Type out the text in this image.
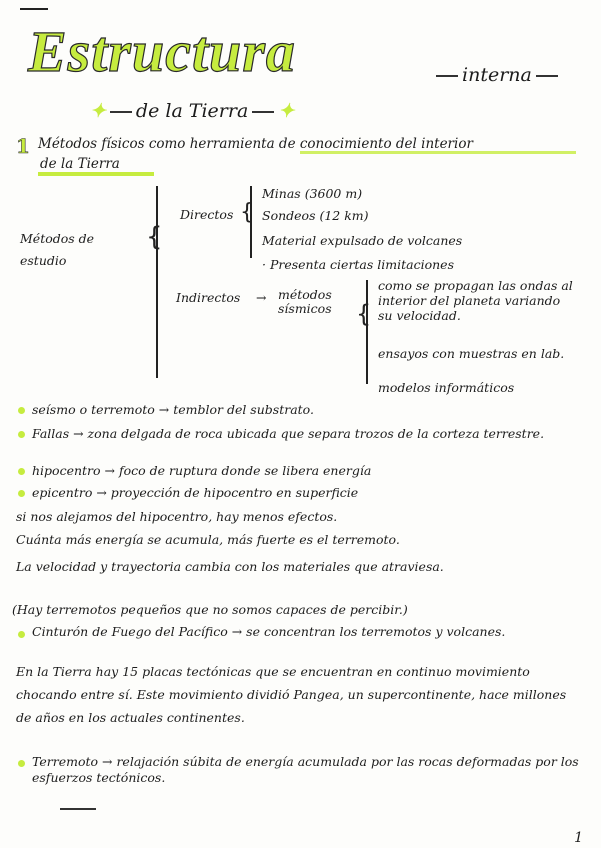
Estructura	interna
✦ de la Tierra ✦
1 Métodos físicos como herramienta de conocimiento del interior
de la Tierra
Métodos de estudio
{
Directos {
Minas (3600 m)
Sondeos (12 km)
Material expulsado de volcanes
· Presenta ciertas limitaciones
Indirectos → métodos sísmicos	{
como se propagan las ondas al interior del planeta variando su velocidad.
ensayos con muestras en lab.
modelos informáticos
seísmo o terremoto → temblor del substrato.
Fallas → zona delgada de roca ubicada que separa trozos de la corteza terrestre.
hipocentro → foco de ruptura donde se libera energía
epicentro → proyección de hipocentro en superficie
si nos alejamos del hipocentro, hay menos efectos.
Cuánta más energía se acumula, más fuerte es el terremoto.
La velocidad y trayectoria cambia con los materiales que atraviesa.
(Hay terremotos pequeños que no somos capaces de percibir.)
Cinturón de Fuego del Pacífico → se concentran los terremotos y volcanes.
En la Tierra hay 15 placas tectónicas que se encuentran en continuo movimiento chocando entre sí. Este movimiento dividió Pangea, un supercontinente, hace millones de años en los actuales continentes.
Terremoto → relajación súbita de energía acumulada por las rocas deformadas por los esfuerzos tectónicos.
1
